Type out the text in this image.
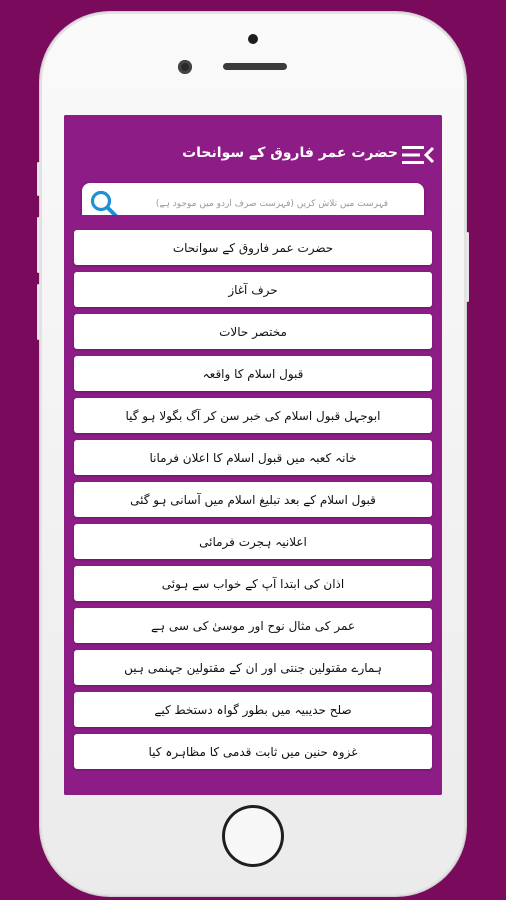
حضرت عمر فاروق کے سوانحات
فہرست میں تلاش کریں (فہرست صرف اردو میں موجود ہے)
حضرت عمر فاروق کے سوانحات
حرف آغاز
مختصر حالات
قبول اسلام کا واقعہ
ابوجہل قبول اسلام کی خبر سن کر آگ بگولا ہو گیا
خانہ کعبہ میں قبول اسلام کا اعلان فرمانا
قبول اسلام کے بعد تبلیغ اسلام میں آسانی ہو گئی
اعلانیہ ہجرت فرمائی
اذان کی ابتدا آپ کے خواب سے ہوئی
عمر کی مثال نوح اور موسیٰ کی سی ہے
ہمارے مقتولین جنتی اور ان کے مقتولین جہنمی ہیں
صلح حدیبیہ میں بطور گواہ دستخط کیے
غزوہ حنین میں ثابت قدمی کا مظاہرہ کیا
